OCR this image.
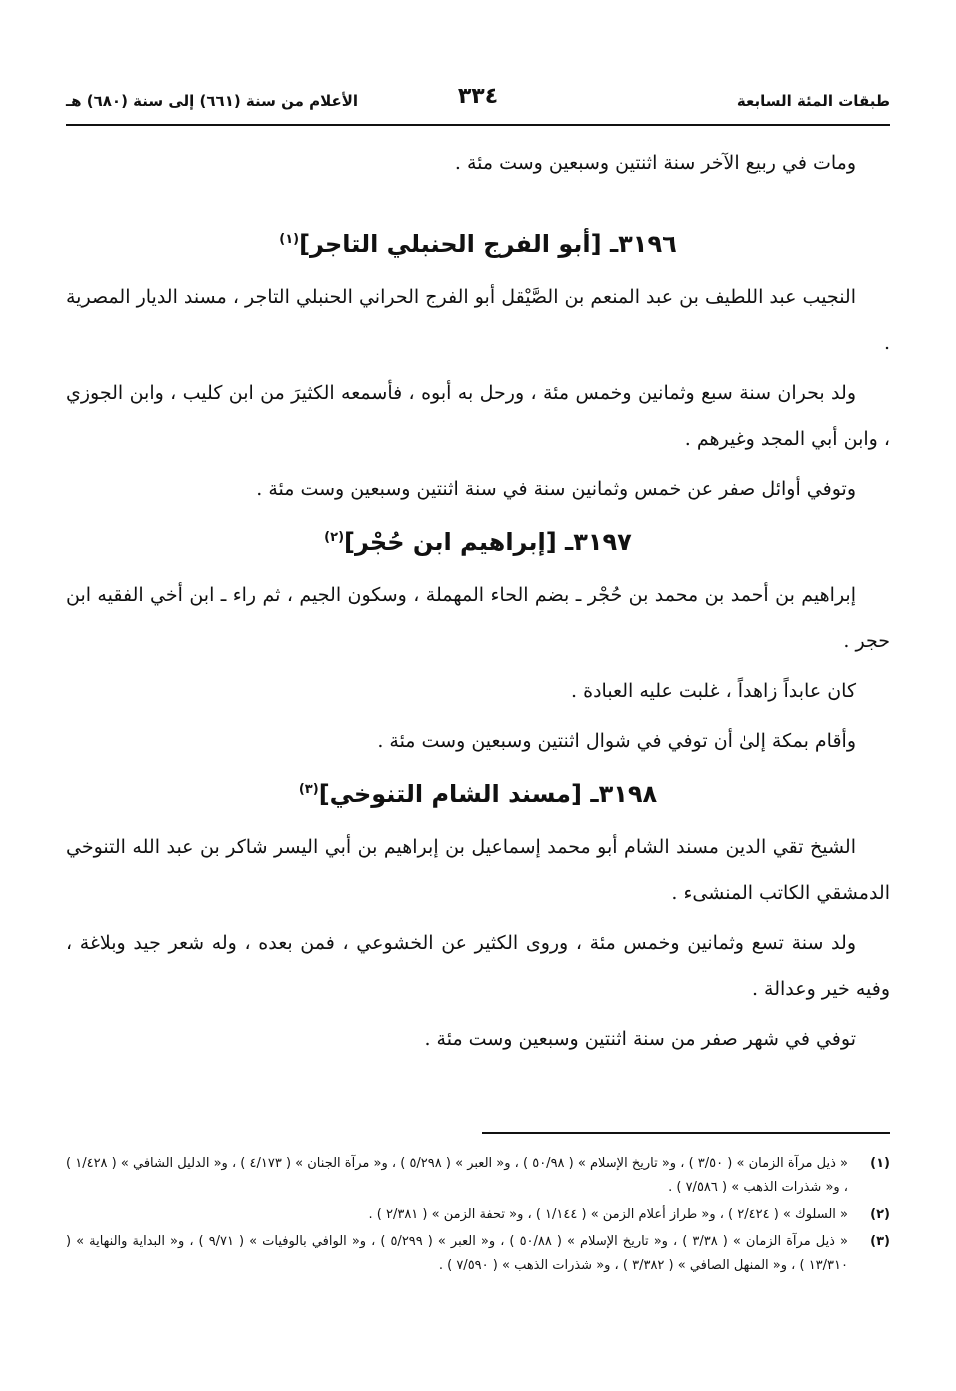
طبقات المئة السابعة
٣٣٤
الأعلام من سنة (٦٦١) إلى سنة (٦٨٠) هـ

ومات في ربيع الآخر سنة اثنتين وسبعين وست مئة .

٣١٩٦ـ [أبو الفرج الحنبلي التاجر]$^{(١)}$

النجيب عبد اللطيف بن عبد المنعم بن الصَّيْقل أبو الفرج الحراني الحنبلي التاجر ، مسند الديار المصرية .

ولد بحران سنة سبع وثمانين وخمس مئة ، ورحل به أبوه ، فأسمعه الكثيرَ من ابن كليب ، وابن الجوزي ، وابن أبي المجد وغيرهم .

وتوفي أوائل صفر عن خمس وثمانين سنة في سنة اثنتين وسبعين وست مئة .

٣١٩٧ـ [إبراهيم ابن حُجْر]$^{(٢)}$

إبراهيم بن أحمد بن محمد بن حُجْر ـ بضم الحاء المهملة ، وسكون الجيم ، ثم راء ـ ابن أخي الفقيه ابن حجر .

كان عابداً زاهداً ، غلبت عليه العبادة .

وأقام بمكة إلىٰ أن توفي في شوال اثنتين وسبعين وست مئة .

٣١٩٨ـ [مسند الشام التنوخي]$^{(٣)}$

الشيخ تقي الدين مسند الشام أبو محمد إسماعيل بن إبراهيم بن أبي اليسر شاكر بن عبد الله التنوخي الدمشقي الكاتب المنشىء .

ولد سنة تسع وثمانين وخمس مئة ، وروى الكثير عن الخشوعي ، فمن بعده ، وله شعر جيد وبلاغة ، وفيه خير وعدالة .

توفي في شهر صفر من سنة اثنتين وسبعين وست مئة .

(١)
« ذيل مرآة الزمان » ( ٣/٥٠ ) ، و« تاريخ الإسلام » ( ٥٠/٩٨ ) ، و« العبر » ( ٥/٢٩٨ ) ، و« مرآة الجنان » ( ٤/١٧٣ ) ، و« الدليل الشافي » ( ١/٤٢٨ ) ، و« شذرات الذهب » ( ٧/٥٨٦ ) .
(٢)
« السلوك » ( ٢/٤٢٤ ) ، و« طراز أعلام الزمن » ( ١/١٤٤ ) ، و« تحفة الزمن » ( ٢/٣٨١ ) .
(٣)
« ذيل مرآة الزمان » ( ٣/٣٨ ) ، و« تاريخ الإسلام » ( ٥٠/٨٨ ) ، و« العبر » ( ٥/٢٩٩ ) ، و« الوافي بالوفيات » ( ٩/٧١ ) ، و« البداية والنهاية » ( ١٣/٣١٠ ) ، و« المنهل الصافي » ( ٣/٣٨٢ ) ، و« شذرات الذهب » ( ٧/٥٩٠ ) .
